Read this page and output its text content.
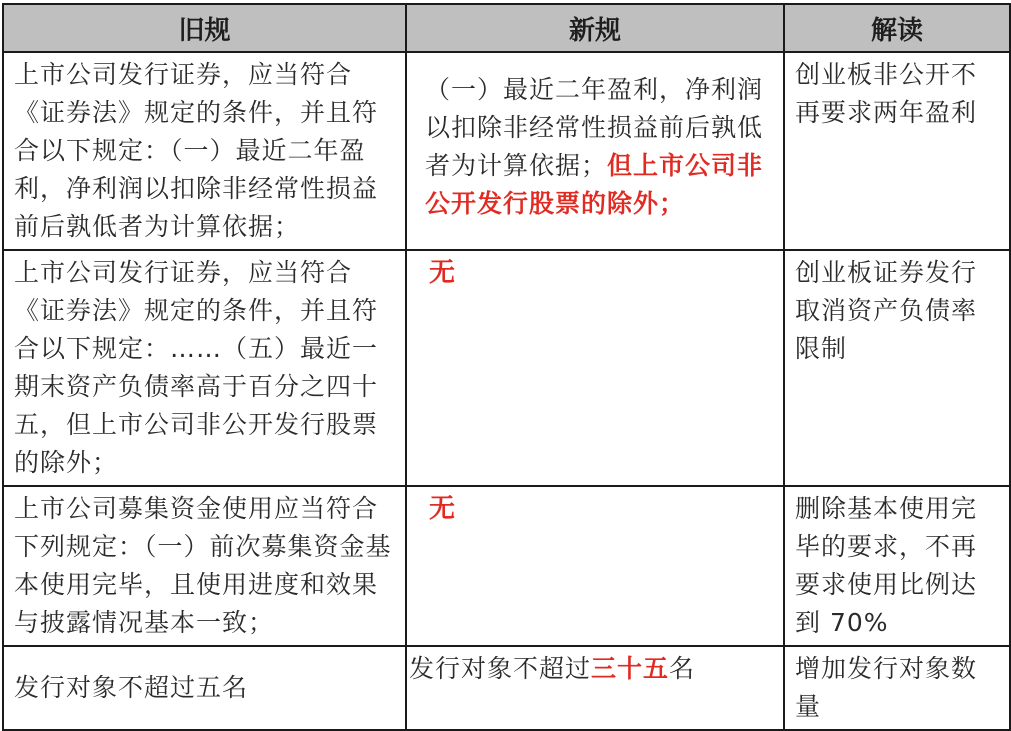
旧规	新规	解读
上市公司发行证券，应当符合《证券法》规定的条件，并且符合以下规定：（一）最近二年盈利，净利润以扣除非经常性损益前后孰低者为计算依据；	（一）最近二年盈利，净利润以扣除非经常性损益前后孰低者为计算依据；但上市公司非公开发行股票的除外；	创业板非公开不再要求两年盈利
上市公司发行证券，应当符合《证券法》规定的条件，并且符合以下规定：……（五）最近一期末资产负债率高于百分之四十五，但上市公司非公开发行股票的除外；	无	创业板证券发行取消资产负债率限制
上市公司募集资金使用应当符合下列规定：（一）前次募集资金基本使用完毕，且使用进度和效果与披露情况基本一致；	无	删除基本使用完毕的要求，不再要求使用比例达到 70%
发行对象不超过五名	发行对象不超过三十五名	增加发行对象数量
